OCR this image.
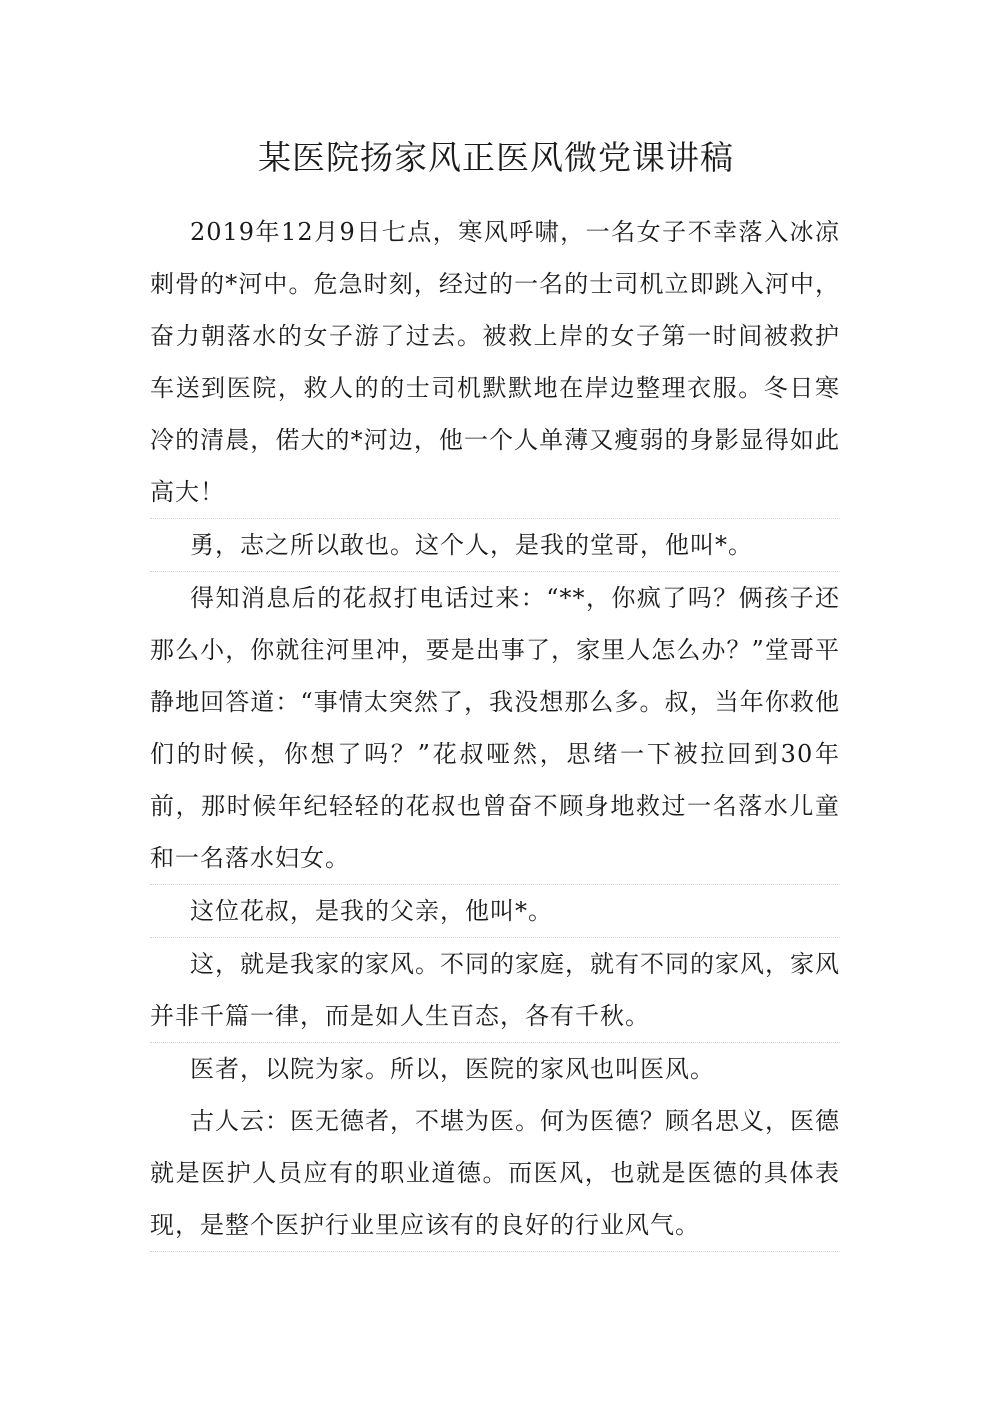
某医院扬家风正医风微党课讲稿

2019年12月9日七点，寒风呼啸，一名女子不幸落入冰凉刺骨的*河中。危急时刻，经过的一名的士司机立即跳入河中，奋力朝落水的女子游了过去。被救上岸的女子第一时间被救护车送到医院，救人的的士司机默默地在岸边整理衣服。冬日寒冷的清晨，偌大的*河边，他一个人单薄又瘦弱的身影显得如此高大！

勇，志之所以敢也。这个人，是我的堂哥，他叫*。

得知消息后的花叔打电话过来：“**，你疯了吗？俩孩子还那么小，你就往河里冲，要是出事了，家里人怎么办？”堂哥平静地回答道：“事情太突然了，我没想那么多。叔，当年你救他们的时候，你想了吗？”花叔哑然，思绪一下被拉回到30年前，那时候年纪轻轻的花叔也曾奋不顾身地救过一名落水儿童和一名落水妇女。

这位花叔，是我的父亲，他叫*。

这，就是我家的家风。不同的家庭，就有不同的家风，家风并非千篇一律，而是如人生百态，各有千秋。

医者，以院为家。所以，医院的家风也叫医风。

古人云：医无德者，不堪为医。何为医德？顾名思义，医德就是医护人员应有的职业道德。而医风，也就是医德的具体表现，是整个医护行业里应该有的良好的行业风气。
